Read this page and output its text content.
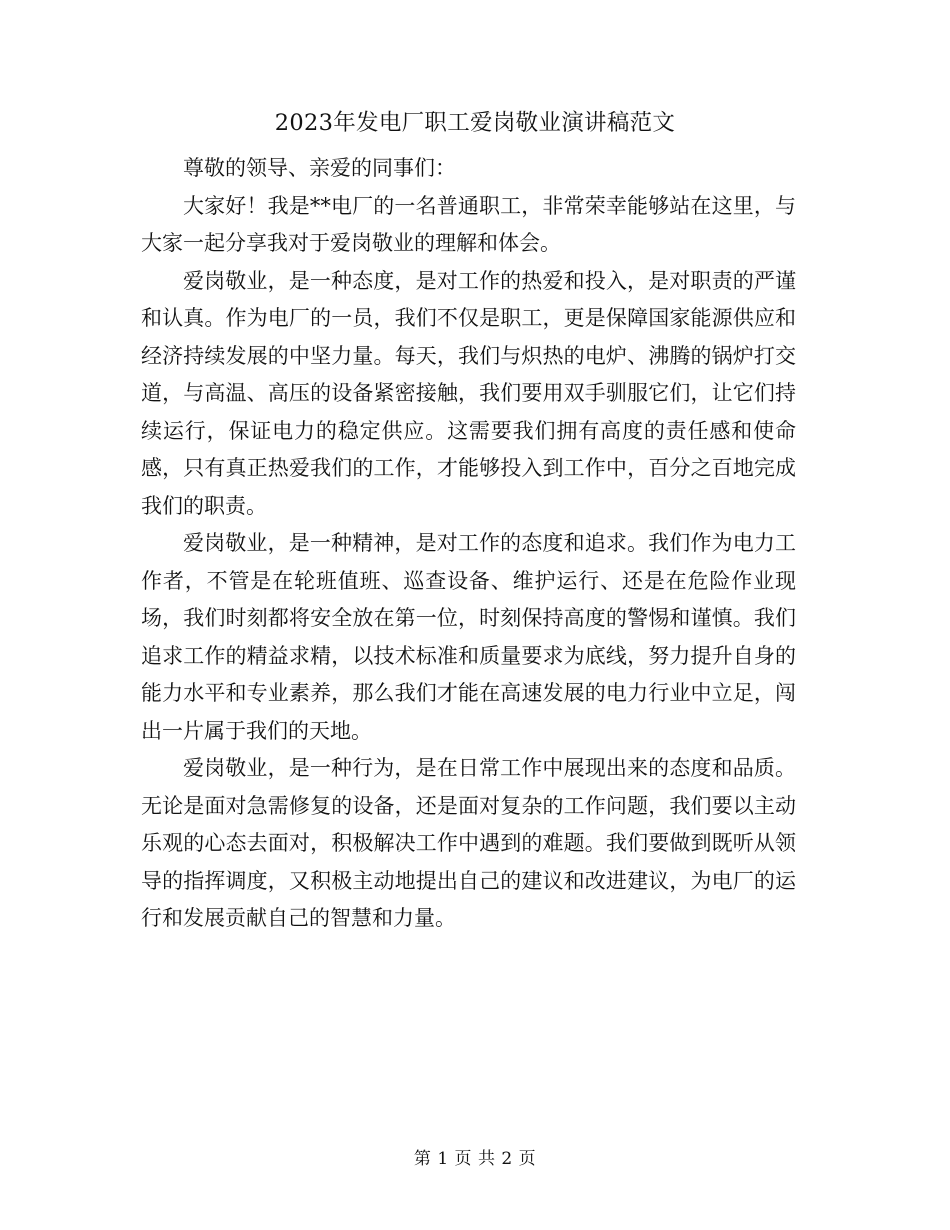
2023年发电厂职工爱岗敬业演讲稿范文

尊敬的领导、亲爱的同事们：

大家好！我是**电厂的一名普通职工，非常荣幸能够站在这里，与大家一起分享我对于爱岗敬业的理解和体会。

爱岗敬业，是一种态度，是对工作的热爱和投入，是对职责的严谨和认真。作为电厂的一员，我们不仅是职工，更是保障国家能源供应和经济持续发展的中坚力量。每天，我们与炽热的电炉、沸腾的锅炉打交道，与高温、高压的设备紧密接触，我们要用双手驯服它们，让它们持续运行，保证电力的稳定供应。这需要我们拥有高度的责任感和使命感，只有真正热爱我们的工作，才能够投入到工作中，百分之百地完成我们的职责。

爱岗敬业，是一种精神，是对工作的态度和追求。我们作为电力工作者，不管是在轮班值班、巡查设备、维护运行、还是在危险作业现场，我们时刻都将安全放在第一位，时刻保持高度的警惕和谨慎。我们追求工作的精益求精，以技术标准和质量要求为底线，努力提升自身的能力水平和专业素养，那么我们才能在高速发展的电力行业中立足，闯出一片属于我们的天地。

爱岗敬业，是一种行为，是在日常工作中展现出来的态度和品质。无论是面对急需修复的设备，还是面对复杂的工作问题，我们要以主动乐观的心态去面对，积极解决工作中遇到的难题。我们要做到既听从领导的指挥调度，又积极主动地提出自己的建议和改进建议，为电厂的运行和发展贡献自己的智慧和力量。

第 1 页 共 2 页
